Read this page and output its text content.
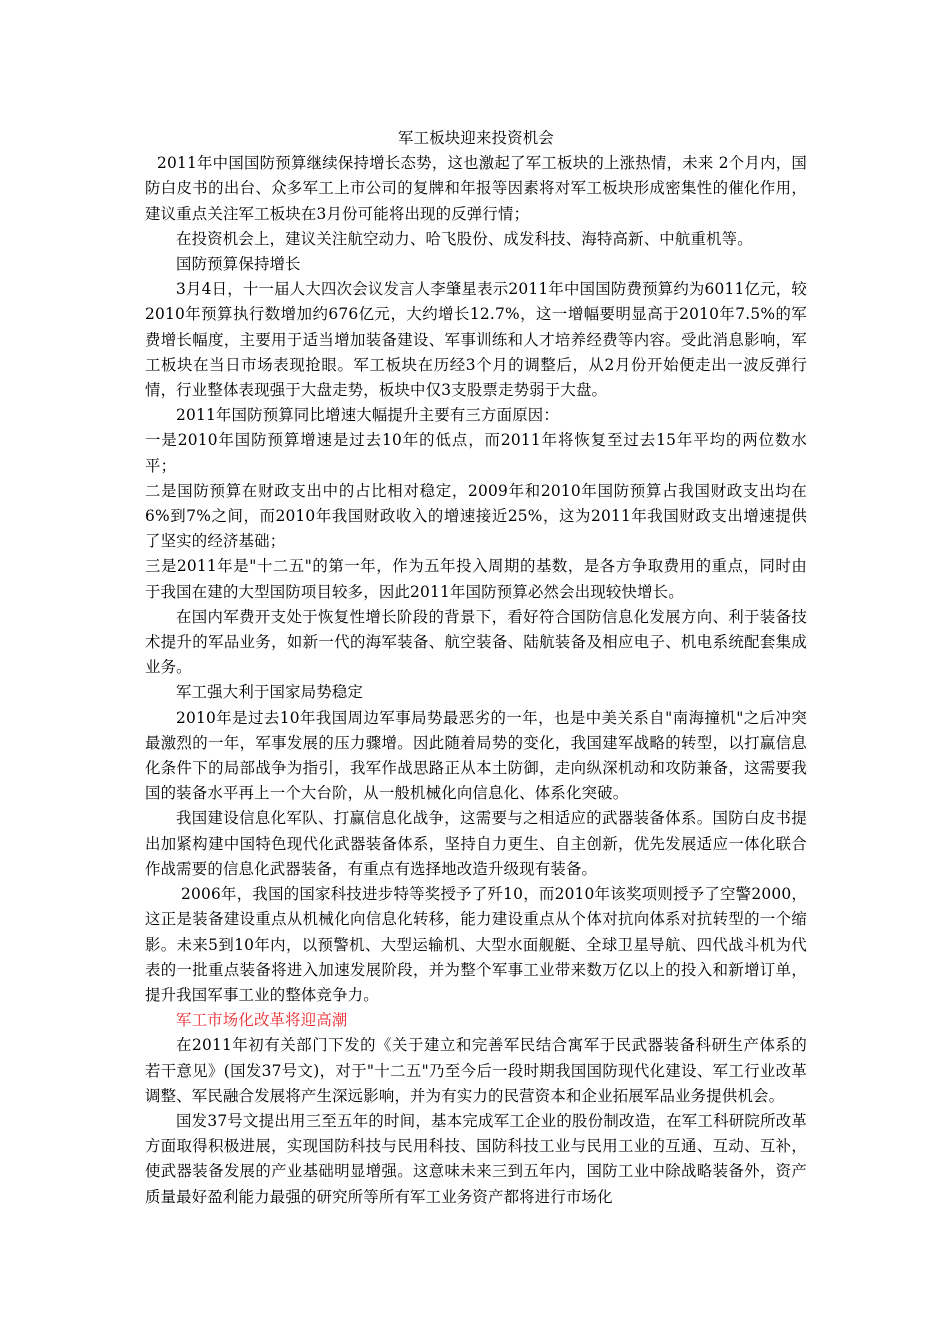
军工板块迎来投资机会

2011年中国国防预算继续保持增长态势，这也激起了军工板块的上涨热情，未来 2个月内，国防白皮书的出台、众多军工上市公司的复牌和年报等因素将对军工板块形成密集性的催化作用，建议重点关注军工板块在3月份可能将出现的反弹行情；

在投资机会上，建议关注航空动力、哈飞股份、成发科技、海特高新、中航重机等。

国防预算保持增长

3月4日，十一届人大四次会议发言人李肇星表示2011年中国国防费预算约为6011亿元，较2010年预算执行数增加约676亿元，大约增长12.7%，这一增幅要明显高于2010年7.5%的军费增长幅度，主要用于适当增加装备建设、军事训练和人才培养经费等内容。受此消息影响，军工板块在当日市场表现抢眼。军工板块在历经3个月的调整后，从2月份开始便走出一波反弹行情，行业整体表现强于大盘走势，板块中仅3支股票走势弱于大盘。

2011年国防预算同比增速大幅提升主要有三方面原因：

一是2010年国防预算增速是过去10年的低点，而2011年将恢复至过去15年平均的两位数水平；

二是国防预算在财政支出中的占比相对稳定，2009年和2010年国防预算占我国财政支出均在6%到7%之间，而2010年我国财政收入的增速接近25%，这为2011年我国财政支出增速提供了坚实的经济基础；

三是2011年是"十二五"的第一年，作为五年投入周期的基数，是各方争取费用的重点，同时由于我国在建的大型国防项目较多，因此2011年国防预算必然会出现较快增长。

在国内军费开支处于恢复性增长阶段的背景下，看好符合国防信息化发展方向、利于装备技术提升的军品业务，如新一代的海军装备、航空装备、陆航装备及相应电子、机电系统配套集成业务。

军工强大利于国家局势稳定

2010年是过去10年我国周边军事局势最恶劣的一年，也是中美关系自"南海撞机"之后冲突最激烈的一年，军事发展的压力骤增。因此随着局势的变化，我国建军战略的转型，以打赢信息化条件下的局部战争为指引，我军作战思路正从本土防御，走向纵深机动和攻防兼备，这需要我国的装备水平再上一个大台阶，从一般机械化向信息化、体系化突破。

我国建设信息化军队、打赢信息化战争，这需要与之相适应的武器装备体系。国防白皮书提出加紧构建中国特色现代化武器装备体系，坚持自力更生、自主创新，优先发展适应一体化联合作战需要的信息化武器装备，有重点有选择地改造升级现有装备。

2006年，我国的国家科技进步特等奖授予了歼10，而2010年该奖项则授予了空警2000，这正是装备建设重点从机械化向信息化转移，能力建设重点从个体对抗向体系对抗转型的一个缩影。未来5到10年内，以预警机、大型运输机、大型水面舰艇、全球卫星导航、四代战斗机为代表的一批重点装备将进入加速发展阶段，并为整个军事工业带来数万亿以上的投入和新增订单，提升我国军事工业的整体竞争力。

军工市场化改革将迎高潮

在2011年初有关部门下发的《关于建立和完善军民结合寓军于民武器装备科研生产体系的若干意见》(国发37号文)，对于"十二五"乃至今后一段时期我国国防现代化建设、军工行业改革调整、军民融合发展将产生深远影响，并为有实力的民营资本和企业拓展军品业务提供机会。

国发37号文提出用三至五年的时间，基本完成军工企业的股份制改造，在军工科研院所改革方面取得积极进展，实现国防科技与民用科技、国防科技工业与民用工业的互通、互动、互补，使武器装备发展的产业基础明显增强。这意味未来三到五年内，国防工业中除战略装备外，资产质量最好盈利能力最强的研究所等所有军工业务资产都将进行市场化
